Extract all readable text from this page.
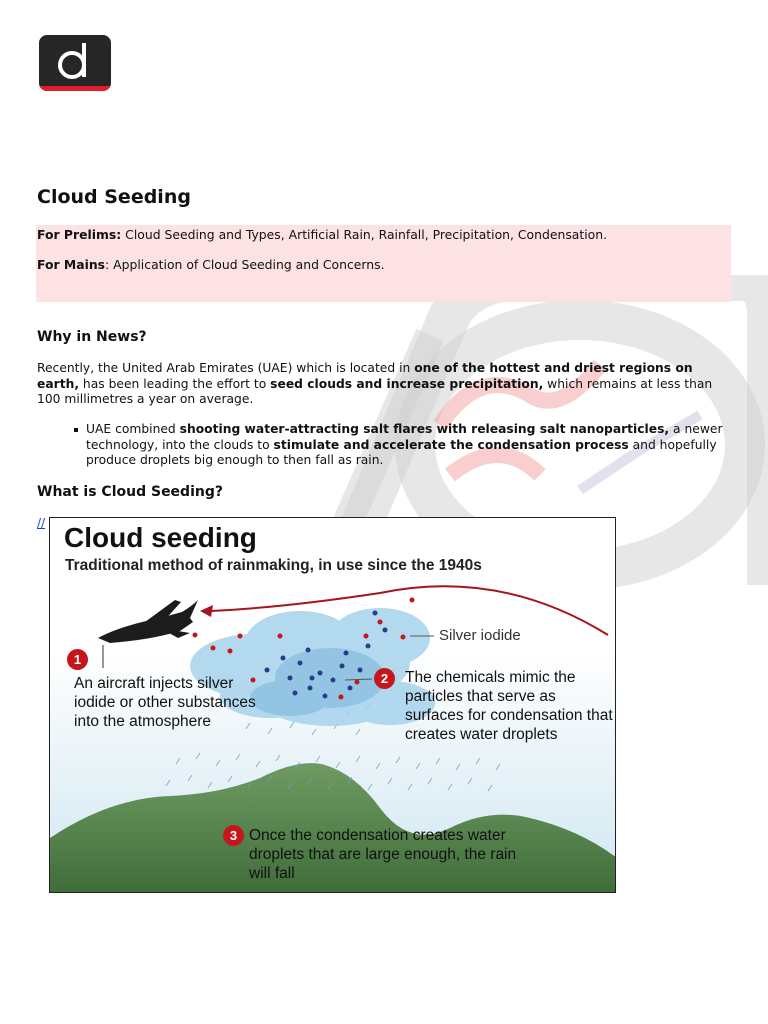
Cloud Seeding

For Prelims: Cloud Seeding and Types, Artificial Rain, Rainfall, Precipitation, Condensation.

For Mains: Application of Cloud Seeding and Concerns.

Why in News?

Recently, the United Arab Emirates (UAE) which is located in one of the hottest and driest regions on earth, has been leading the effort to seed clouds and increase precipitation, which remains at less than 100 millimetres a year on average.

UAE combined shooting water-attracting salt flares with releasing salt nanoparticles, a newer technology, into the clouds to stimulate and accelerate the condensation process and hopefully produce droplets big enough to then fall as rain.

What is Cloud Seeding?
// Cloud seeding
Traditional method of rainmaking, in use since the 1940s
Silver iodide
1

An aircraft injects silver iodide or other substances into the atmosphere

2	The chemicals mimic the particles that serve as surfaces for condensation that creates water droplets

3 Once the condensation creates water droplets that are large enough, the rain will fall
